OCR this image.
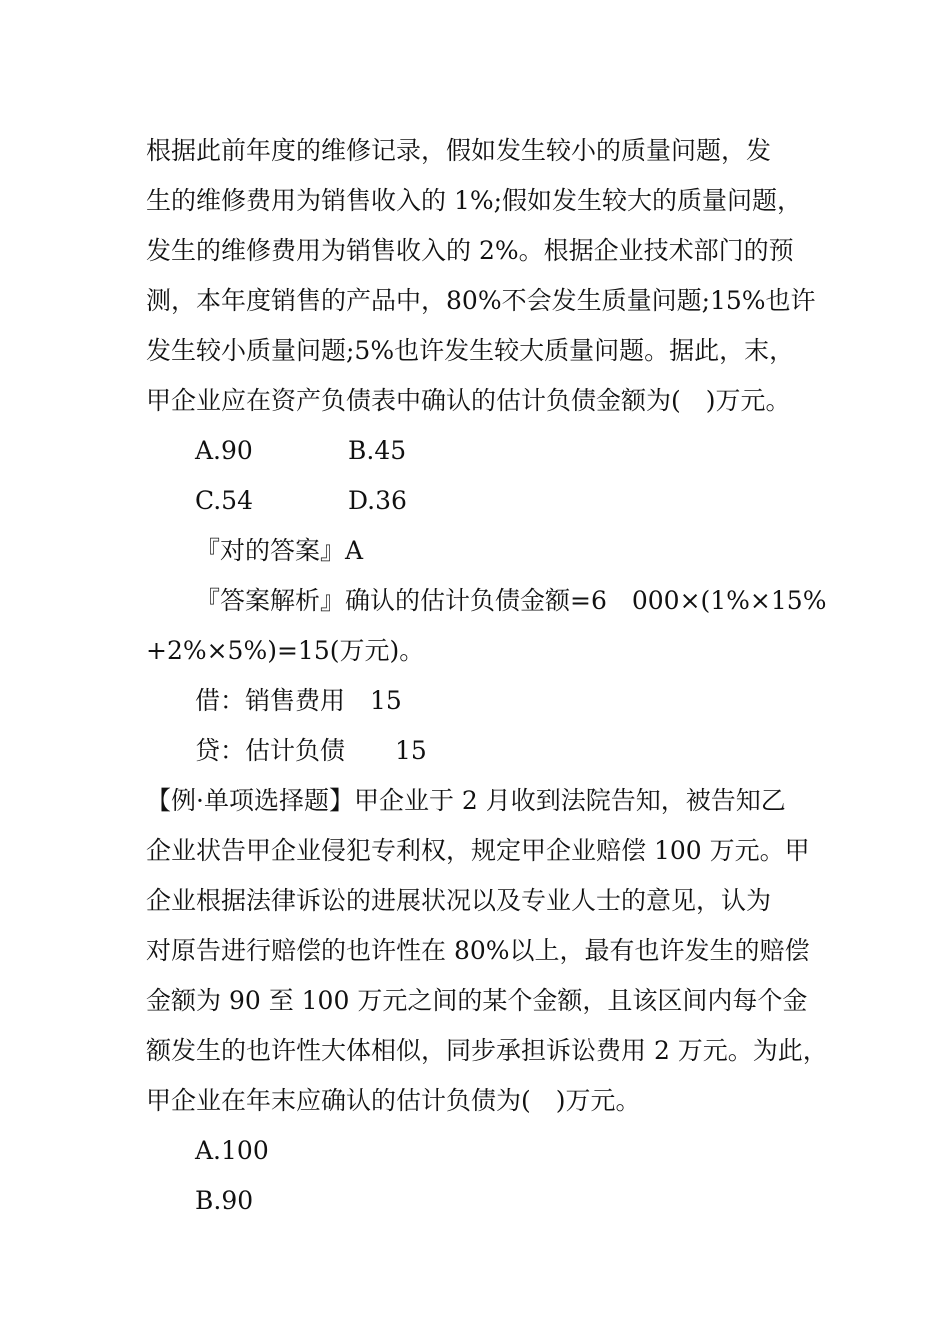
根据此前年度的维修记录，假如发生较小的质量问题，发
生的维修费用为销售收入的 1%;假如发生较大的质量问题，
发生的维修费用为销售收入的 2%。根据企业技术部门的预
测，本年度销售的产品中，80%不会发生质量问题;15%也许
发生较小质量问题;5%也许发生较大质量问题。据此，末，
甲企业应在资产负债表中确认的估计负债金额为(　)万元。
A.90	B.45
C.54	D.36
『对的答案』A
『答案解析』确认的估计负债金额=6　000×(1%×15%
+2%×5%)=15(万元)。
借：销售费用　15
贷：估计负债　　15
【例·单项选择题】甲企业于 2 月收到法院告知，被告知乙
企业状告甲企业侵犯专利权，规定甲企业赔偿 100 万元。甲
企业根据法律诉讼的进展状况以及专业人士的意见，认为
对原告进行赔偿的也许性在 80%以上，最有也许发生的赔偿
金额为 90 至 100 万元之间的某个金额，且该区间内每个金
额发生的也许性大体相似，同步承担诉讼费用 2 万元。为此，
甲企业在年末应确认的估计负债为(　)万元。
A.100
B.90
